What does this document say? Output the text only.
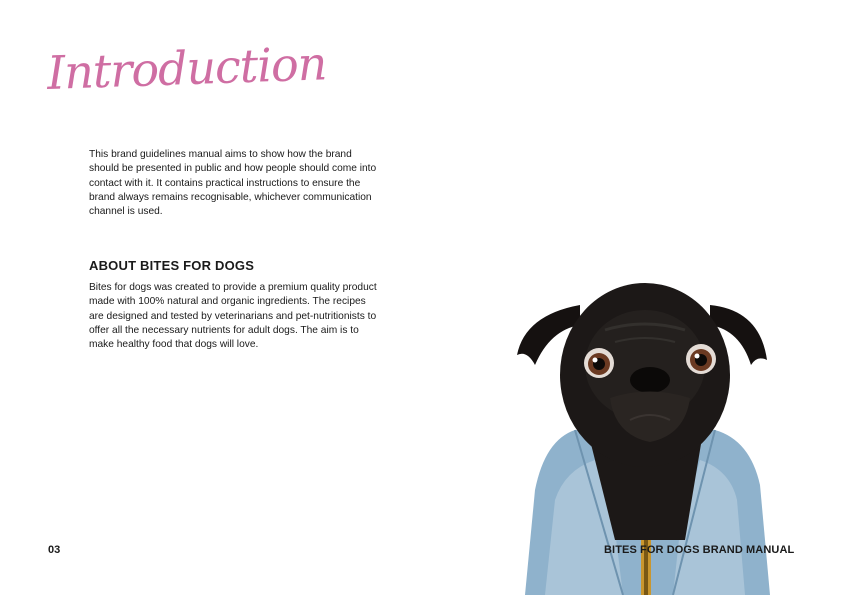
Introduction
This brand guidelines manual aims to show how the brand should be presented in public and how people should come into contact with it. It contains practical instructions to ensure the brand always remains recognisable, whichever communication channel is used.
ABOUT BITES FOR DOGS
Bites for dogs was created to provide a premium quality product made with 100% natural and organic ingredients. The recipes are designed and tested by veterinarians and pet-nutritionists to offer all the necessary nutrients for adult dogs. The aim is to make healthy food that dogs will love.
03	BITES FOR DOGS BRAND MANUAL
